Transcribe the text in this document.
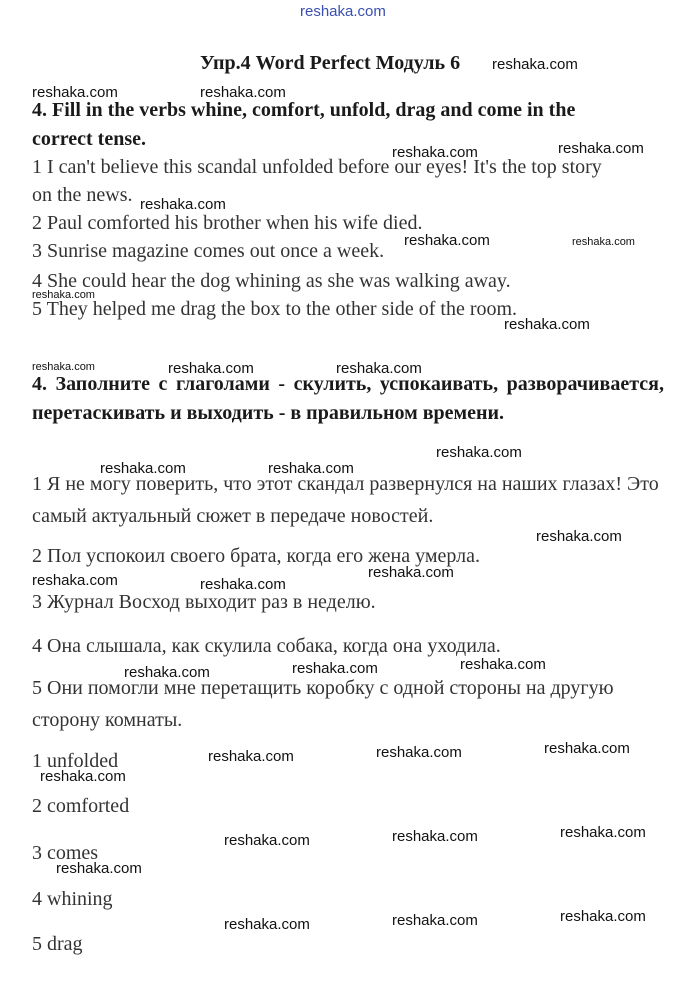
reshaka.com
Упр.4 Word Perfect Модуль 6
4. Fill in the verbs whine, comfort, unfold, drag and come in the
correct tense.
1 I can't believe this scandal unfolded before our eyes! It's the top story
on the news.
2 Paul comforted his brother when his wife died.
3 Sunrise magazine comes out once a week.
4 She could hear the dog whining as she was walking away.
5 They helped me drag the box to the other side of the room.
4. Заполните с глаголами - скулить, успокаивать, разворачивается, перетаскивать и выходить - в правильном времени.
1 Я не могу поверить, что этот скандал развернулся на наших глазах! Это самый актуальный сюжет в передаче новостей.
2 Пол успокоил своего брата, когда его жена умерла.
3 Журнал Восход выходит раз в неделю.
4 Она слышала, как скулила собака, когда она уходила.
5 Они помогли мне перетащить коробку с одной стороны на другую сторону комнаты.
1 unfolded
2 comforted
3 comes
4 whining
5 drag
reshaka.com
reshaka.com	reshaka.com
reshaka.com	reshaka.com
reshaka.com
reshaka.com	reshaka.com
reshaka.com
reshaka.com
reshaka.com	reshaka.com	reshaka.com
reshaka.com
reshaka.com	reshaka.com
reshaka.com
reshaka.com
reshaka.com	reshaka.com
reshaka.com
reshaka.com	reshaka.com
reshaka.com
reshaka.com
reshaka.com
reshaka.com
reshaka.com
reshaka.com
reshaka.com
reshaka.com
reshaka.com
reshaka.com
reshaka.com
